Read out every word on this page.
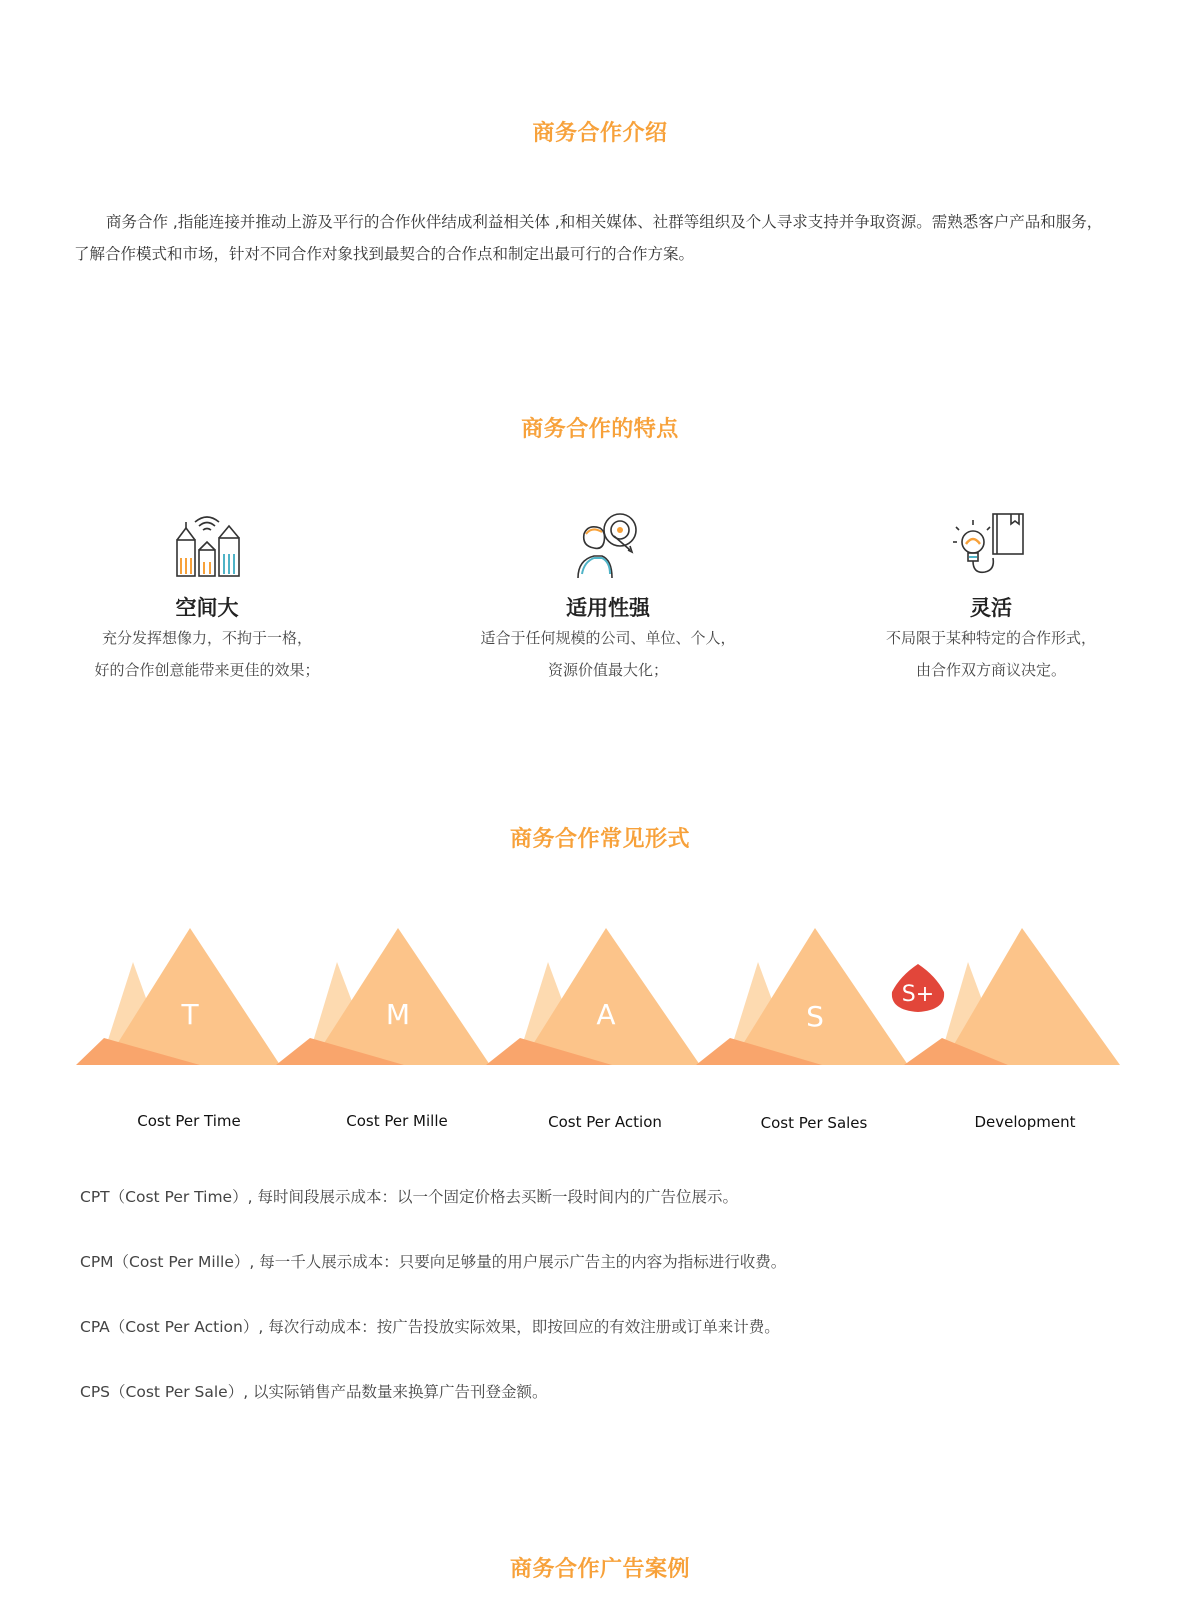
商务合作介绍
商务合作 ,指能连接并推动上游及平行的合作伙伴结成利益相关体 ,和相关媒体、社群等组织及个人寻求支持并争取资源。需熟悉客户产品和服务，
了解合作模式和市场，针对不同合作对象找到最契合的合作点和制定出最可行的合作方案。
商务合作的特点
空间大
充分发挥想像力，不拘于一格，
好的合作创意能带来更佳的效果；
适用性强
适合于任何规模的公司、单位、个人，
资源价值最大化；
灵活
不局限于某种特定的合作形式，
由合作双方商议决定。
商务合作常见形式
T	M	A	S
S+
Cost Per Time	Cost Per Mille	Cost Per Action	Cost Per Sales	Development
CPT（Cost Per Time）, 每时间段展示成本：以一个固定价格去买断一段时间内的广告位展示。
CPM（Cost Per Mille）, 每一千人展示成本：只要向足够量的用户展示广告主的内容为指标进行收费。
CPA（Cost Per Action）, 每次行动成本：按广告投放实际效果，即按回应的有效注册或订单来计费。
CPS（Cost Per Sale）, 以实际销售产品数量来换算广告刊登金额。
商务合作广告案例
